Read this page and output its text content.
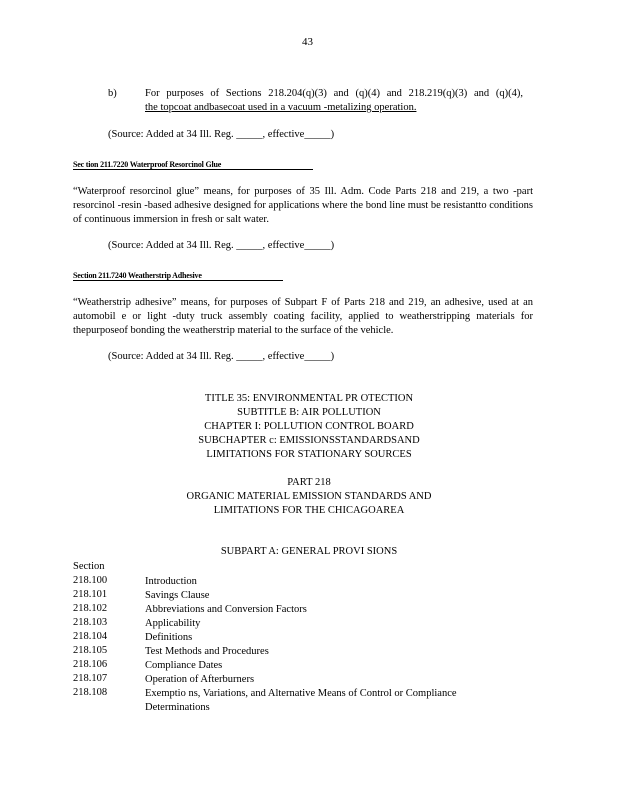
43
b)	For purposes of Sections 218.204(q)(3) and (q)(4) and 218.219(q)(3) and (q)(4),
the topcoat andbasecoat used in a vacuum -metalizing operation.
(Source: Added at 34 Ill. Reg. _____, effective_____)
Sec tion 211.7220 Waterproof Resorcinol Glue
“Waterproof resorcinol glue” means, for purposes of 35 Ill. Adm. Code Parts 218 and 219, a two -part resorcinol -resin -based adhesive designed for applications where the bond line must be resistantto conditions of continuous immersion in fresh or salt water.
(Source: Added at 34 Ill. Reg. _____, effective_____)
Section 211.7240 Weatherstrip Adhesive
“Weatherstrip adhesive” means, for purposes of Subpart F of Parts 218 and 219, an adhesive, used at an automobil e or light -duty truck assembly coating facility, applied to weatherstripping materials for thepurposeof bonding the weatherstrip material to the surface of the vehicle.
(Source: Added at 34 Ill. Reg. _____, effective_____)
TITLE 35: ENVIRONMENTAL PR OTECTION
SUBTITLE B: AIR POLLUTION
CHAPTER I: POLLUTION CONTROL BOARD
SUBCHAPTER c: EMISSIONSSTANDARDSAND
LIMITATIONS FOR STATIONARY SOURCES
PART 218
ORGANIC MATERIAL EMISSION STANDARDS AND
LIMITATIONS FOR THE CHICAGOAREA
SUBPART A: GENERAL PROVI SIONS
Section
218.100	Introduction
218.101	Savings Clause
218.102	Abbreviations and Conversion Factors
218.103	Applicability
218.104	Definitions
218.105	Test Methods and Procedures
218.106	Compliance Dates
218.107	Operation of Afterburners
218.108	Exemptio ns, Variations, and Alternative Means of Control or Compliance Determinations
